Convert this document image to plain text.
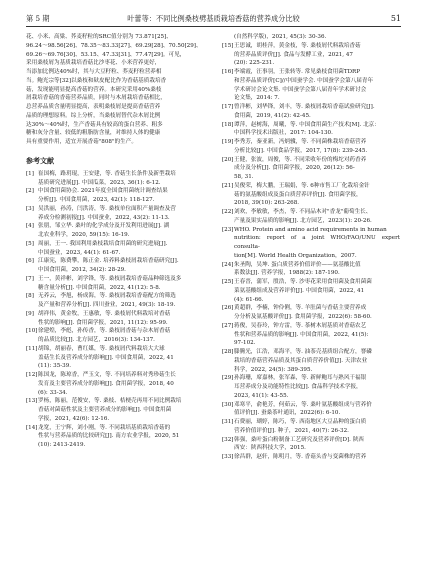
第 5 期	叶蕾等：不同比例桑枝劈基质栽培香菇的营养成分比较	51
花、小米、高粱、荞麦籽粒的SRC值分别为 73.871[25]、
96.24～98.56[26]、78.35～83.33[27]、69.29[28]、70.50[29]、
69.26～69.76[30]、53.15、47.33[31]、77.47[29]。可见，
采用桑枝屑为基质栽培香菇比沙枣花、小米营养更好，
当添加比例达40%时，其与大豆籽粒、荞麦籽粒营养相
当。鲍光宗等[32]以桑枝和麸皮配比作为香菇基质栽培香
菇，发现能明显提高香菇的营养。本研究采用40%桑枝
屑栽培香菇的香菇营养品质，同时与木屑栽培香菇相比，
总营养品质含量明显提高，表明桑枝屑是提高香菇营养
品质的理想原料。综上分析，当桑枝屑替代杂木屑比例
达30%～40%时，生产香菇具有较高的蛋白营养、粗多
糖和灰分含量、较低的粗脂肪含量，对维持人体的健康
具有重要作用，适宜开展香菇"808"的生产。
参考文献
[1] 崔国梅，路玥琨，王安建，等. 香菇生长条件及新型栽培
基质研究进展[J]. 中国瓜菜，2023, 36(1): 6-12.
[2] 中国食用菌协会. 2021年度全国食用菌统计调查结果
分析[J]. 中国食用菌，2023, 42(1): 118-127.
[3] 吴洪丽，孙涛，闫洪涛，等. 桑枝单位面积产量调查及营
养成分检测初报[J]. 中国蚕业，2022, 43(2): 11-13.
[4] 张朋，邹立华. 桑叶的化学成分及开发利用进展[J]. 湖
北农业科学，2020, 59(15): 16-19.
[5] 周丽，王一. 我国利用桑枝栽培食用菌的研究进展[J].
中国蚕业，2023, 44(1): 61-67.
[6] 江康宪，陈费攀，陈正金. 培养料桑枝屑栽培香菇研究[J].
中国食用菌，2012, 34(2): 28-29.
[7] 王一，黄祥彬，刘学锋，等. 桑枝屑栽培香菇品种筛选及多
糖含量分析[J]. 中国食用菌，2022, 41(12): 5-8.
[8] 无养云，李旭，杨成海，等. 桑枝屑栽培香菇配方的筛选
及产量和营养分析[J]. 四川蚕业，2021, 49(3): 18-19.
[9] 胡祥伟，黄金牧，王惠敏，等. 桑枝屑代料栽培对香菇
性状的影响[J]. 食用菌学报，2021, 11(12): 95-99.
[10] 徐建煌，李彪，孙传香，等. 桑枝屑香菇与杂木屑香菇
的品质比较[J]. 北方园艺，2016(3): 134-137.
[11] 胡锦，胡丽春，曹红媒，等. 桑枝屑代料栽培大大球
盖菇生长及营养成分的影响[J]. 中国食用菌，2022, 41
(11): 35-39.
[12] 陈国龙，陈琼香，严玉文，等. 不同培养料对秀珍菇生长
发育及主要营养成分的影响[J]. 食用菌学报，2018, 40
(6): 33-34.
[13] 罗杨，陈丽，范俊安，等. 桑枝、桔梗壳再用不同比例栽培
香菇对菌菇性状及主要营养成分的影响[J]. 中国食用菌
学报，2021, 42(6): 12-16.
[14] 龙宽，王宁辉，刘小刚，等. 不同栽培基质栽培香菇的
性状与营养品质的比较研究[J]. 南方农业学报，2020, 51
(10): 2413-2419.
(自然科学版)，2021, 45(3): 30-36.
[15] 王思诚，胡桂萍，黄金枝，等. 桑枝屑代料栽培香菇
的营养品质评价[J]. 食品与发酵工业，2021, 47
(20): 225-231.
[16] 李端霞，汪事羽，王张转等. 常见桑枝食用菌TDRP
和营养品质评价[C]//中国蚕学会. 中国蚕学会第八届青年
学术研讨会论文集. 中国蚕学会第八届青年学术研讨会
论文集，2014: 7.
[17] 曾洋彬，刘华锋，刘丰，等. 桑枝屑栽培香菇试验研究[J].
食用菌，2019, 41(2): 42-45.
[18] 谭萍，赵树海，周曦，等. 中国食用菌生产技术[M]. 北京：
中国科学技术出版社，2017: 104-130.
[19] 李秀芳，秦亚新，冯炳骥，等. 不同菌株栽培香菇营养
分析比较[J]. 中国食品学报，2017, 17(8): 239-245.
[20] 王健，张波，周俊，等. 不同采收年份的梅坨对药香养
成分及分析[J]. 食用菌学报，2020, 26(12): 56-
58, 31.
[21] 吴俊荣，梅大鹏，王瑞娟，等. 6种市售工厂化栽培金针
菇的氨基酸组成及蛋白质营养评价[J]. 食用菌学报，
2018, 39(10): 263-268.
[22] 刘欢，李敏敏，李杰，等. 不同品木对"香龙"葡萄生长、
产量及果实品质的影响[J]. 北方园艺，2023(1): 20-26.
[23] WHO. Protein and amino acid requirements in human
nutrition: report of a joint WHO/FAO/UNU expert consulta-
tion[M]. World Health Organization，2007.
[24] 朱圣陶，吴坤. 蛋白质营养价值评价——氨基酸比值
系数法[J]. 营养学报，1988(2): 187-190.
[25] 王春晋，蒲军，殷浩，等. 沙枣花采用食用菌及食用菌菌
菜氨基酸组成及营养评价[J]. 中国食用菌，2022, 41
(4): 61-66.
[26] 黄超群，李楠，钟伶俐，等. 羊肚菌与香菇主要营养成
分分析及氨基酸评价[J]. 食用菌学报，2022(6): 58-60.
[27] 蒋俊，吴春玲，钟方雷，等. 茶树木屑基质对香菇农艺
性状和营养品质的影响[J]. 中国食用菌，2022, 41(5):
97-102.
[28] 滕腾光，江浩，邓海平，等. 油茶壳基质组合配方，謇磷
栽培的香菇营养品质及其蛋白质营养价值[J]. 天津农业
科学，2022, 24(5): 389-395.
[29] 孙海珊，席嘉林，张军森，等. 新鲜鲍耳与熟风干福银
耳营养成分及功能特性比较[J]. 食品科学技术学报，
2023, 41(1): 43-55.
[30] 邓寒平，俞艳芳，何茹云，等. 桑叶氨基酸组成与营养价
值评价[J]. 蚕桑茶叶通讯，2022(6): 6-10.
[31] 石费丽，瑚婷，陈巧，等. 西南地区大豆品种的蛋白质
营养价值评价[J]. 种子，2021, 40(7): 26-32.
[32] 韩强，桑叶蛋白粉制备工艺研究及营养评价[D]. 陕西
西安：陕西科技大学，2015.
[33] 徐昌群，赵轩，陈明月，等. 香菇头香与变菌株的营养
